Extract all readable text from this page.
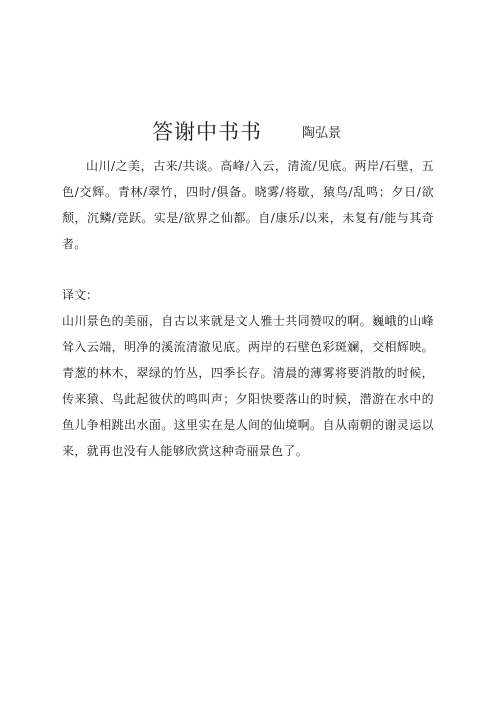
答谢中书书	陶弘景

山川/之美，古来/共谈。高峰/入云，清流/见底。两岸/石壁，五色/交辉。青林/翠竹，四时/俱备。晓雾/将歇，猿鸟/乱鸣；夕日/欲颓，沉鳞/竞跃。实是/欲界之仙都。自/康乐/以来，未复有/能与其奇者。

译文：

山川景色的美丽，自古以来就是文人雅士共同赞叹的啊。巍峨的山峰耸入云端，明净的溪流清澈见底。两岸的石壁色彩斑斓，交相辉映。青葱的林木，翠绿的竹丛，四季长存。清晨的薄雾将要消散的时候，传来猿、鸟此起彼伏的鸣叫声；夕阳快要落山的时候，潜游在水中的鱼儿争相跳出水面。这里实在是人间的仙境啊。自从南朝的谢灵运以来，就再也没有人能够欣赏这种奇丽景色了。
